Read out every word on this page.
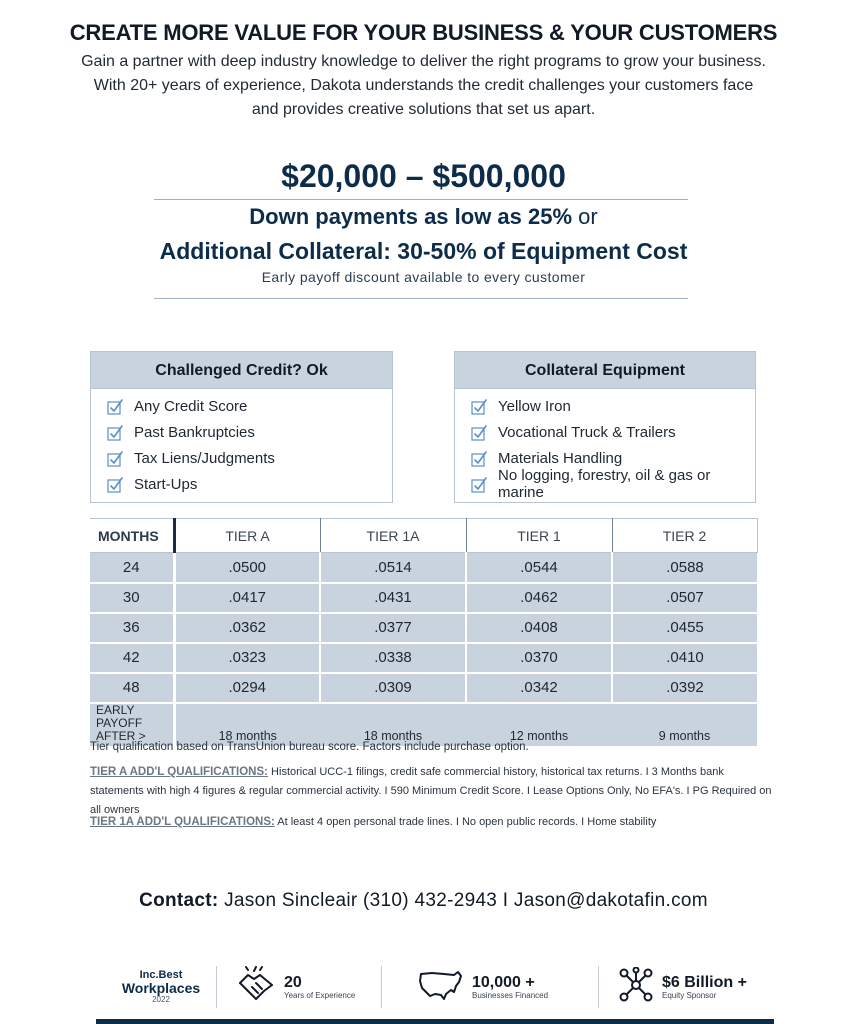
CREATE MORE VALUE FOR YOUR BUSINESS & YOUR CUSTOMERS
Gain a partner with deep industry knowledge to deliver the right programs to grow your business. With 20+ years of experience, Dakota understands the credit challenges your customers face and provides creative solutions that set us apart.
$20,000 – $500,000
Down payments as low as 25% or
Additional Collateral: 30-50% of Equipment Cost
Early payoff discount available to every customer
Challenged Credit? Ok
Any Credit Score
Past Bankruptcies
Tax Liens/Judgments
Start-Ups
Collateral Equipment
Yellow Iron
Vocational Truck & Trailers
Materials Handling
No logging, forestry, oil & gas or marine
MONTHS	TIER A	TIER 1A	TIER 1	TIER 2
24	.0500	.0514	.0544	.0588
30	.0417	.0431	.0462	.0507
36	.0362	.0377	.0408	.0455
42	.0323	.0338	.0370	.0410
48	.0294	.0309	.0342	.0392
EARLY
PAYOFF AFTER >	18 months	18 months	12 months	9 months
Tier qualification based on TransUnion bureau score. Factors include purchase option.
TIER A ADD'L QUALIFICATIONS: Historical UCC-1 filings, credit safe commercial history, historical tax returns. I 3 Months bank statements with high 4 figures & regular commercial activity. I 590 Minimum Credit Score. I Lease Options Only, No EFA's. I PG Required on all owners
TIER 1A ADD'L QUALIFICATIONS: At least 4 open personal trade lines. I No open public records. I Home stability
Contact: Jason Sincleair (310) 432-2943 I Jason@dakotafin.com
Inc.Best
Workplaces
2022
20
Years of Experience
10,000 +
Businesses Financed
$6 Billion +
Equity Sponsor
